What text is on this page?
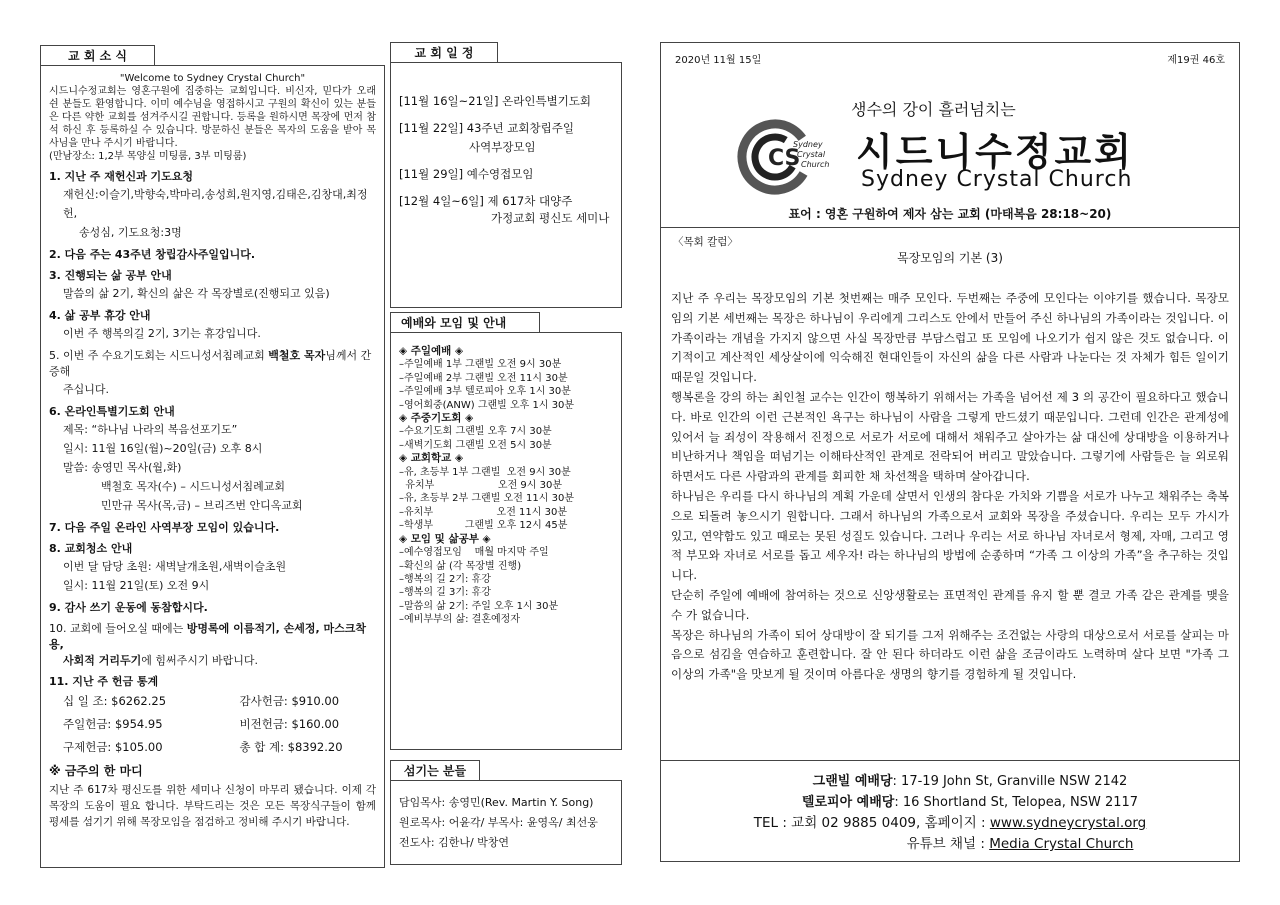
교 회 소 식
"Welcome to Sydney Crystal Church"
시드니수정교회는 영혼구원에 집중하는 교회입니다. 비신자, 믿다가 오래 쉰 분들도 환영합니다. 이미 예수님을 영접하시고 구원의 확신이 있는 분들은 다른 약한 교회를 섬겨주시길 권합니다. 등록을 원하시면 목장에 먼저 참석 하신 후 등록하실 수 있습니다. 방문하신 분들은 목자의 도움을 받아 목사님을 만나 주시기 바랍니다.
(만남장소: 1,2부 목양실 미팅룸, 3부 미팅룸)
1. 지난 주 재헌신과 기도요청
재헌신:이슬기,박향숙,박마리,송성희,원지영,김태은,김창대,최정헌,
송성심, 기도요청:3명
2. 다음 주는 43주년 창립감사주일입니다.
3. 진행되는 삶 공부 안내
말씀의 삶 2기, 확신의 삶은 각 목장별로(진행되고 있음)
4. 삶 공부 휴강 안내
이번 주 행복의길 2기, 3기는 휴강입니다.
5. 이번 주 수요기도회는 시드니성서침례교회 백철호 목자님께서 간증해
주십니다.
6. 온라인특별기도회 안내
제목: “하나님 나라의 복음선포기도”
일시: 11월 16일(월)~20일(금) 오후 8시
말씀: 송영민 목사(월,화)
백철호 목자(수) – 시드니성서침례교회
민만규 목사(목,금) – 브리즈번 안디옥교회
7. 다음 주일 온라인 사역부장 모임이 있습니다.
8. 교회청소 안내
이번 달 담당 초원: 새벽날개초원,새벽이슬초원
일시: 11월 21일(토) 오전 9시
9. 감사 쓰기 운동에 동참합시다.
10. 교회에 들어오실 때에는 방명록에 이름적기, 손세정, 마스크착용,
사회적 거리두기에 힘써주시기 바랍니다.
11. 지난 주 헌금 통계
십 일 조: $6262.25	감사헌금: $910.00
주일헌금: $954.95	비전헌금: $160.00
구제헌금: $105.00	총 합 계: $8392.20
※ 금주의 한 마디
지난 주 617차 평신도를 위한 세미나 신청이 마무리 됐습니다. 이제 각 목장의 도움이 필요 합니다. 부탁드리는 것은 모든 목장식구들이 함께 평세를 섬기기 위해 목장모임을 점검하고 정비해 주시기 바랍니다.
교 회 일 정
[11월 16일~21일] 온라인특별기도회
[11월 22일] 43주년 교회창립주일
사역부장모임
[11월 29일] 예수영접모임
[12월 4일~6일] 제 617차 대양주
가정교회 평신도 세미나
예배와 모임 및 안내
◈ 주일예배 ◈
–주일예배 1부 그랜빌 오전 9시 30분
–주일예배 2부 그랜빌 오전 11시 30분
–주일예배 3부 텔로피아 오후 1시 30분
–영어회중(ANW) 그랜빌 오후 1시 30분
◈ 주중기도회 ◈
–수요기도회 그랜빌 오후 7시 30분
–새벽기도회 그랜빌 오전 5시 30분
◈ 교회학교 ◈
–유, 초등부 1부 그랜빌  오전 9시 30분
유치부                    오전 9시 30분
–유, 초등부 2부 그랜빌 오전 11시 30분
–유치부                    오전 11시 30분
–학생부          그랜빌 오후 12시 45분
◈ 모임 및 삶공부 ◈
–예수영접모임    매월 마지막 주일
–확신의 삶 (각 목장별 진행)
–행복의 길 2기: 휴강
–행복의 길 3기: 휴강
–말씀의 삶 2기: 주일 오후 1시 30분
–예비부부의 삶: 결혼예정자
섬기는 분들
담임목사: 송영민(Rev. Martin Y. Song)
원로목사: 어윤각/ 부목사: 윤영옥/ 최선웅
전도사: 김한나/ 박창연
2020년 11월 15일	제19권 46호
생수의 강이 흘러넘치는
CS
Sydney
Crystal
Church 시드니수정교회
Sydney Crystal Church
표어 : 영혼 구원하여 제자 삼는 교회 (마태복음 28:18~20)
〈목회 칼럼〉
목장모임의 기본 (3)
지난 주 우리는 목장모임의 기본 첫번째는 매주 모인다. 두번째는 주중에 모인다는 이야기를 했습니다. 목장모임의 기본 세번째는 목장은 하나님이 우리에게 그리스도 안에서 만들어 주신 하나님의 가족이라는 것입니다. 이 가족이라는 개념을 가지지 않으면 사실 목장만큼 부담스럽고 또 모임에 나오기가 쉽지 않은 것도 없습니다. 이기적이고 계산적인 세상살이에 익숙해진 현대인들이 자신의 삶을 다른 사람과 나눈다는 것 자체가 힘든 일이기 때문일 것입니다.
행복론을 강의 하는 최인철 교수는 인간이 행복하기 위해서는 가족을 넘어선 제 3 의 공간이 필요하다고 했습니다. 바로 인간의 이런 근본적인 욕구는 하나님이 사람을 그렇게 만드셨기 때문입니다. 그런데 인간은 관계성에 있어서 늘 죄성이 작용해서 진정으로 서로가 서로에 대해서 채워주고 살아가는 삶 대신에 상대방을 이용하거나 비난하거나 책임을 떠넘기는 이해타산적인 관계로 전락되어 버리고 말았습니다. 그렇기에 사람들은 늘 외로워 하면서도 다른 사람과의 관계를 회피한 채 차선책을 택하며 살아갑니다.
하나님은 우리를 다시 하나님의 계획 가운데 살면서 인생의 참다운 가치와 기쁨을 서로가 나누고 채워주는 축복으로 되돌려 놓으시기 원합니다. 그래서 하나님의 가족으로서 교회와 목장을 주셨습니다. 우리는 모두 가시가 있고, 연약함도 있고 때로는 못된 성질도 있습니다. 그러나 우리는 서로 하나님 자녀로서 형제, 자매, 그리고 영적 부모와 자녀로 서로를 돕고 세우자! 라는 하나님의 방법에 순종하며 “가족 그 이상의 가족”을 추구하는 것입니다.
단순히 주일에 예배에 참여하는 것으로 신앙생활로는 표면적인 관계를 유지 할 뿐 결코 가족 같은 관계를 맺을 수 가 없습니다.
목장은 하나님의 가족이 되어 상대방이 잘 되기를 그저 위해주는 조건없는 사랑의 대상으로서 서로를 살피는 마음으로 섬김을 연습하고 훈련합니다. 잘 안 된다 하더라도 이런 삶을 조금이라도 노력하며 살다 보면 "가족 그 이상의 가족"을 맛보게 될 것이며 아름다운 생명의 향기를 경험하게 될 것입니다.
그랜빌 예배당: 17-19 John St, Granville NSW 2142
텔로피아 예배당: 16 Shortland St, Telopea, NSW 2117
TEL : 교회 02 9885 0409, 홈페이지 : www.sydneycrystal.org
유튜브 채널 : Media Crystal Church
